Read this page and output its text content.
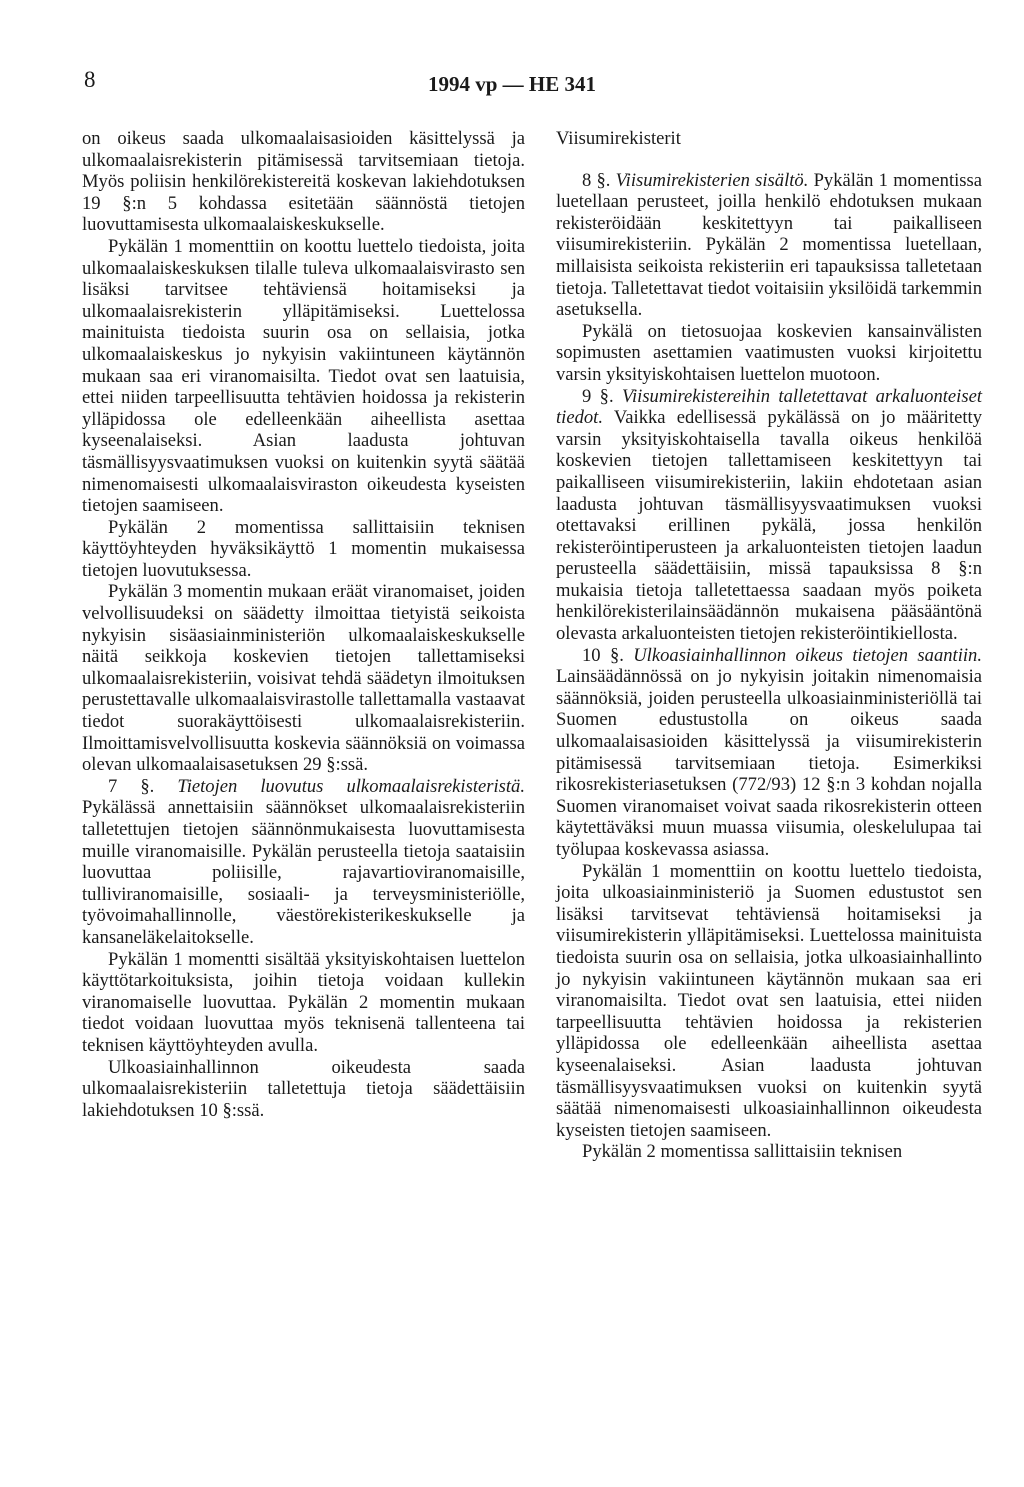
8	1994 vp — HE 341

on oikeus saada ulkomaalaisasioiden käsittelyssä ja ulkomaalaisrekisterin pitämisessä tarvitsemiaan tietoja. Myös poliisin henkilörekistereitä koskevan lakiehdotuksen 19 §:n 5 kohdassa esitetään säännöstä tietojen luovuttamisesta ulkomaalaiskeskukselle.

Pykälän 1 momenttiin on koottu luettelo tiedoista, joita ulkomaalaiskeskuksen tilalle tuleva ulkomaalaisvirasto sen lisäksi tarvitsee tehtäviensä hoitamiseksi ja ulkomaalaisrekisterin ylläpitämiseksi. Luettelossa mainituista tiedoista suurin osa on sellaisia, jotka ulkomaalaiskeskus jo nykyisin vakiintuneen käytännön mukaan saa eri viranomaisilta. Tiedot ovat sen laatuisia, ettei niiden tarpeellisuutta tehtävien hoidossa ja rekisterin ylläpidossa ole edelleenkään aiheellista asettaa kyseenalaiseksi. Asian laadusta johtuvan täsmällisyysvaatimuksen vuoksi on kuitenkin syytä säätää nimenomaisesti ulkomaalaisviraston oikeudesta kyseisten tietojen saamiseen.

Pykälän 2 momentissa sallittaisiin teknisen käyttöyhteyden hyväksikäyttö 1 momentin mukaisessa tietojen luovutuksessa.

Pykälän 3 momentin mukaan eräät viranomaiset, joiden velvollisuudeksi on säädetty ilmoittaa tietyistä seikoista nykyisin sisäasiainministeriön ulkomaalaiskeskukselle näitä seikkoja koskevien tietojen tallettamiseksi ulkomaalaisrekisteriin, voisivat tehdä säädetyn ilmoituksen perustettavalle ulkomaalaisvirastolle tallettamalla vastaavat tiedot suorakäyttöisesti ulkomaalaisrekisteriin. Ilmoittamisvelvollisuutta koskevia säännöksiä on voimassa olevan ulkomaalaisasetuksen 29 §:ssä.

7 §. Tietojen luovutus ulkomaalaisrekisteristä. Pykälässä annettaisiin säännökset ulkomaalaisrekisteriin talletettujen tietojen säännönmukaisesta luovuttamisesta muille viranomaisille. Pykälän perusteella tietoja saataisiin luovuttaa poliisille, rajavartioviranomaisille, tulliviranomaisille, sosiaali- ja terveysministeriölle, työvoimahallinnolle, väestörekisterikeskukselle ja kansaneläkelaitokselle.

Pykälän 1 momentti sisältää yksityiskohtaisen luettelon käyttötarkoituksista, joihin tietoja voidaan kullekin viranomaiselle luovuttaa. Pykälän 2 momentin mukaan tiedot voidaan luovuttaa myös teknisenä tallenteena tai teknisen käyttöyhteyden avulla.

Ulkoasiainhallinnon oikeudesta saada ulkomaalaisrekisteriin talletettuja tietoja säädettäisiin lakiehdotuksen 10 §:ssä.

Viisumirekisterit

8 §. Viisumirekisterien sisältö. Pykälän 1 momentissa luetellaan perusteet, joilla henkilö ehdotuksen mukaan rekisteröidään keskitettyyn tai paikalliseen viisumirekisteriin. Pykälän 2 momentissa luetellaan, millaisista seikoista rekisteriin eri tapauksissa talletetaan tietoja. Talletettavat tiedot voitaisiin yksilöidä tarkemmin asetuksella.

Pykälä on tietosuojaa koskevien kansainvälisten sopimusten asettamien vaatimusten vuoksi kirjoitettu varsin yksityiskohtaisen luettelon muotoon.

9 §. Viisumirekistereihin talletettavat arkaluonteiset tiedot. Vaikka edellisessä pykälässä on jo määritetty varsin yksityiskohtaisella tavalla oikeus henkilöä koskevien tietojen tallettamiseen keskitettyyn tai paikalliseen viisumirekisteriin, lakiin ehdotetaan asian laadusta johtuvan täsmällisyysvaatimuksen vuoksi otettavaksi erillinen pykälä, jossa henkilön rekisteröintiperusteen ja arkaluonteisten tietojen laadun perusteella säädettäisiin, missä tapauksissa 8 §:n mukaisia tietoja talletettaessa saadaan myös poiketa henkilörekisterilainsäädännön mukaisena pääsääntönä olevasta arkaluonteisten tietojen rekisteröintikiellosta.

10 §. Ulkoasiainhallinnon oikeus tietojen saantiin. Lainsäädännössä on jo nykyisin joitakin nimenomaisia säännöksiä, joiden perusteella ulkoasiainministeriöllä tai Suomen edustustolla on oikeus saada ulkomaalaisasioiden käsittelyssä ja viisumirekisterin pitämisessä tarvitsemiaan tietoja. Esimerkiksi rikosrekisteriasetuksen (772/93) 12 §:n 3 kohdan nojalla Suomen viranomaiset voivat saada rikosrekisterin otteen käytettäväksi muun muassa viisumia, oleskelulupaa tai työlupaa koskevassa asiassa.

Pykälän 1 momenttiin on koottu luettelo tiedoista, joita ulkoasiainministeriö ja Suomen edustustot sen lisäksi tarvitsevat tehtäviensä hoitamiseksi ja viisumirekisterin ylläpitämiseksi. Luettelossa mainituista tiedoista suurin osa on sellaisia, jotka ulkoasiainhallinto jo nykyisin vakiintuneen käytännön mukaan saa eri viranomaisilta. Tiedot ovat sen laatuisia, ettei niiden tarpeellisuutta tehtävien hoidossa ja rekisterien ylläpidossa ole edelleenkään aiheellista asettaa kyseenalaiseksi. Asian laadusta johtuvan täsmällisyysvaatimuksen vuoksi on kuitenkin syytä säätää nimenomaisesti ulkoasiainhallinnon oikeudesta kyseisten tietojen saamiseen.

Pykälän 2 momentissa sallittaisiin teknisen
